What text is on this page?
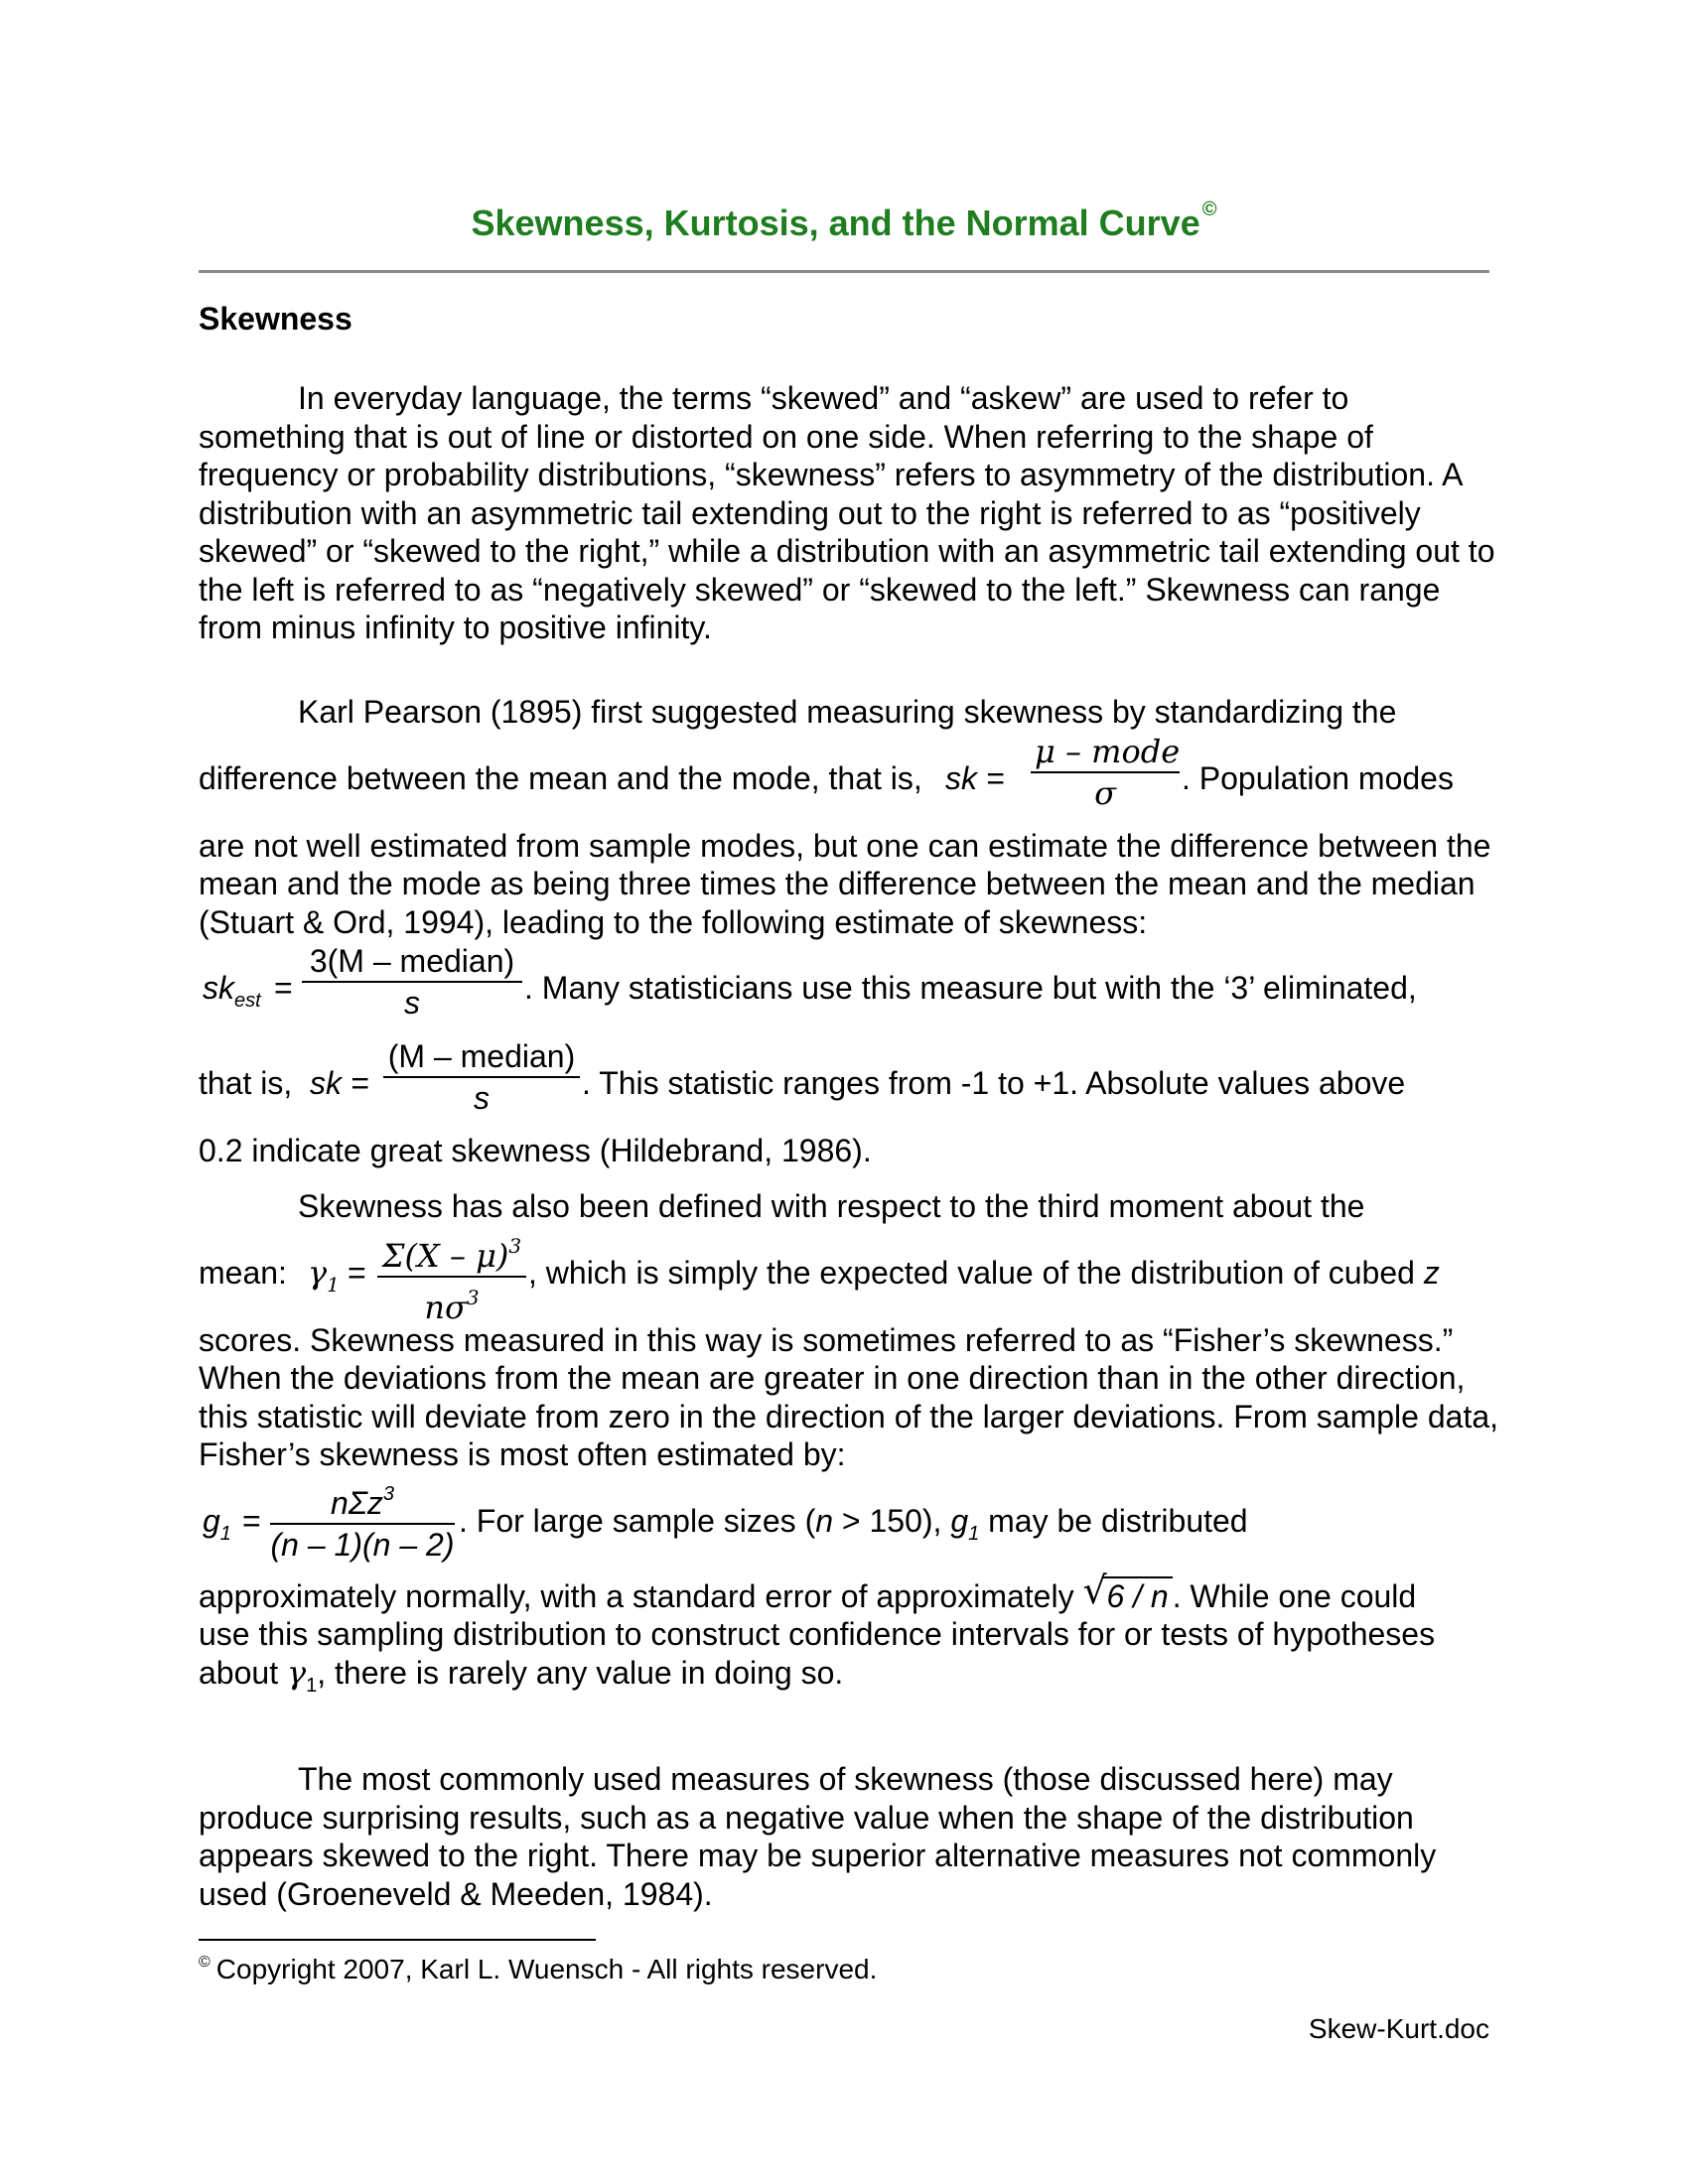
Skewness, Kurtosis, and the Normal Curve ©
Skewness

In everyday language, the terms “skewed” and “askew” are used to refer to something that is out of line or distorted on one side. When referring to the shape of frequency or probability distributions, “skewness” refers to asymmetry of the distribution. A distribution with an asymmetric tail extending out to the right is referred to as “positively skewed” or “skewed to the right,” while a distribution with an asymmetric tail extending out to the left is referred to as “negatively skewed” or “skewed to the left.” Skewness can range from minus infinity to positive infinity.

Karl Pearson (1895) first suggested measuring skewness by standardizing the

difference between the mean and the mode, that is, sk =
μ – mode
σ	. Population modes

are not well estimated from sample modes, but one can estimate the difference between the mean and the mode as being three times the difference between the mean and the median (Stuart & Ord, 1994), leading to the following estimate of skewness:

$sk_{est}$ =
3(M – median)
s	. Many statisticians use this measure but with the ‘3’ eliminated,
that is, sk =
(M – median)
s	. This statistic ranges from -1 to +1. Absolute values above

0.2 indicate great skewness (Hildebrand, 1986).

Skewness has also been defined with respect to the third moment about the

mean: $\gamma_1 = \Sigma(X - \mu)^3$
$n\sigma^3$
, which is simply the expected value of the distribution of cubed z

scores. Skewness measured in this way is sometimes referred to as “Fisher’s skewness.” When the deviations from the mean are greater in one direction than in the other direction, this statistic will deviate from zero in the direction of the larger deviations. From sample data, Fisher’s skewness is most often estimated by:

$g_1$ =	nΣz$^3$
(n – 1)(n – 2)
. For large sample sizes (n > 150), $g_1$ may be distributed

approximately normally, with a standard error of approximately √ 6 / n . While one could

use this sampling distribution to construct confidence intervals for or tests of hypotheses about $\gamma_1$, there is rarely any value in doing so.

The most commonly used measures of skewness (those discussed here) may produce surprising results, such as a negative value when the shape of the distribution appears skewed to the right. There may be superior alternative measures not commonly used (Groeneveld & Meeden, 1984).

© Copyright 2007, Karl L. Wuensch - All rights reserved.
Skew-Kurt.doc
